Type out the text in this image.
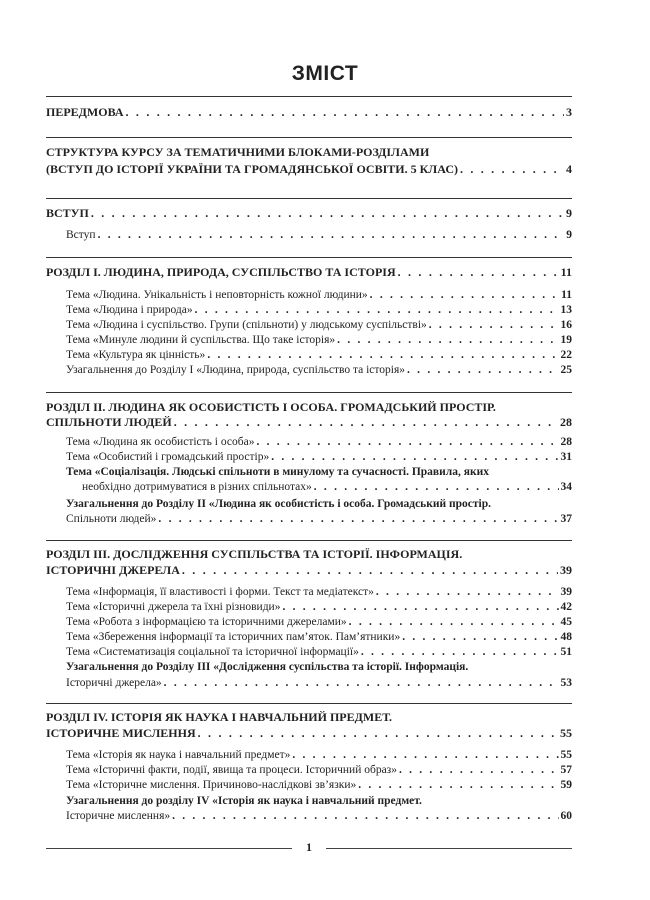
ЗМІСТ
ПЕРЕДМОВА . . .	3
СТРУКТУРА КУРСУ ЗА ТЕМАТИЧНИМИ БЛОКАМИ-РОЗДІЛАМИ
(ВСТУП ДО ІСТОРІЇ УКРАЇНИ ТА ГРОМАДЯНСЬКОЇ ОСВІТИ. 5 КЛАС) . . .	4
ВСТУП . . .	9
Вступ . . .	9
РОЗДІЛ I. ЛЮДИНА, ПРИРОДА, СУСПІЛЬСТВО ТА ІСТОРІЯ . . .	11
Тема «Людина. Унікальність і неповторність кожної людини» . . .	11
Тема «Людина і природа» . . .	13
Тема «Людина і суспільство. Групи (спільноти) у людському суспільстві» . . .	16
Тема «Минуле людини й суспільства. Що таке історія» . . .	19
Тема «Культура як цінність» . . .	22
Узагальнення до Розділу I «Людина, природа, суспільство та історія» . . .	25
РОЗДІЛ II. ЛЮДИНА ЯК ОСОБИСТІСТЬ І ОСОБА. ГРОМАДСЬКИЙ ПРОСТІР.
СПІЛЬНОТИ ЛЮДЕЙ . . .	28
Тема «Людина як особистість і особа» . . .	28
Тема «Особистий і громадський простір» . . .	31
Тема «Соціалізація. Людські спільноти в минулому та сучасності. Правила, яких
необхідно дотримуватися в різних спільнотах» . . .	34
Узагальнення до Розділу II «Людина як особистість і особа. Громадський простір.
Спільноти людей» . . .	37
РОЗДІЛ III. ДОСЛІДЖЕННЯ СУСПІЛЬСТВА ТА ІСТОРІЇ. ІНФОРМАЦІЯ.
ІСТОРИЧНІ ДЖЕРЕЛА . . .	39
Тема «Інформація, її властивості і форми. Текст та медіатекст» . . .	39
Тема «Історичні джерела та їхні різновиди» . . .	42
Тема «Робота з інформацією та історичними джерелами» . . .	45
Тема «Збереження інформації та історичних пам’яток. Пам’ятники» . . .	48
Тема «Систематизація соціальної та історичної інформації» . . .	51
Узагальнення до Розділу III «Дослідження суспільства та історії. Інформація.
Історичні джерела» . . .	53
РОЗДІЛ IV. ІСТОРІЯ ЯК НАУКА І НАВЧАЛЬНИЙ ПРЕДМЕТ.
ІСТОРИЧНЕ МИСЛЕННЯ . . .	55
Тема «Історія як наука і навчальний предмет» . . .	55
Тема «Історичні факти, події, явища та процеси. Історичний образ» . . .	57
Тема «Історичне мислення. Причиново-наслідкові зв’язки» . . .	59
Узагальнення до розділу IV «Історія як наука і навчальний предмет.
Історичне мислення» . . .	60
1
